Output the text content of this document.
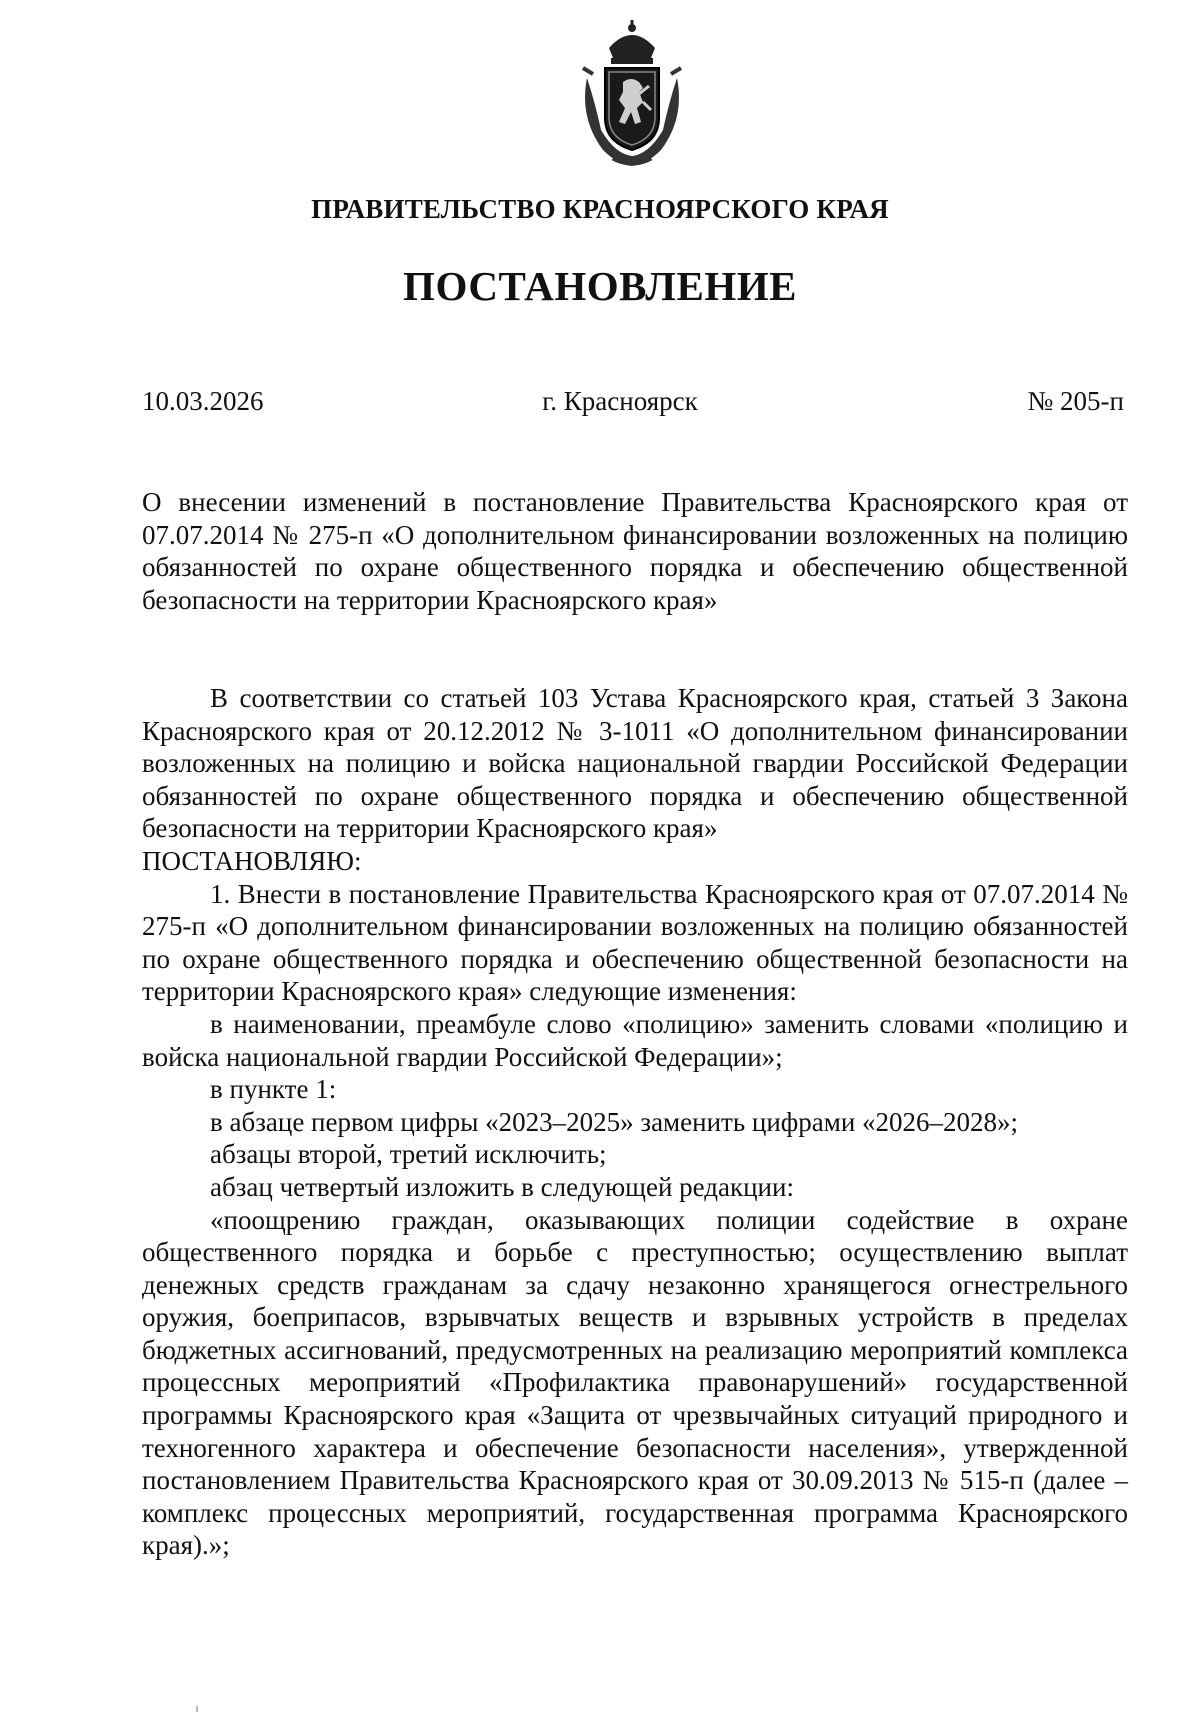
ПРАВИТЕЛЬСТВО КРАСНОЯРСКОГО КРАЯ
ПОСТАНОВЛЕНИЕ
10.03.2026	г. Красноярск	№ 205-п
О внесении изменений в постановление Правительства Красноярского края от 07.07.2014 № 275-п «О дополнительном финансировании возложенных на полицию обязанностей по охране общественного порядка и обеспечению общественной безопасности на территории Красноярского края»

В соответствии со статьей 103 Устава Красноярского края, статьей 3 Закона Красноярского края от 20.12.2012 № 3-1011 «О дополнительном финансировании возложенных на полицию и войска национальной гвардии Российской Федерации обязанностей по охране общественного порядка и обеспечению общественной безопасности на территории Красноярского края»

ПОСТАНОВЛЯЮ:

1. Внести в постановление Правительства Красноярского края от 07.07.2014 № 275-п «О дополнительном финансировании возложенных на полицию обязанностей по охране общественного порядка и обеспечению общественной безопасности на территории Красноярского края» следующие изменения:

в наименовании, преамбуле слово «полицию» заменить словами «полицию и войска национальной гвардии Российской Федерации»;

в пункте 1:

в абзаце первом цифры «2023–2025» заменить цифрами «2026–2028»;

абзацы второй, третий исключить;

абзац четвертый изложить в следующей редакции:

«поощрению граждан, оказывающих полиции содействие в охране общественного порядка и борьбе с преступностью; осуществлению выплат денежных средств гражданам за сдачу незаконно хранящегося огнестрельного оружия, боеприпасов, взрывчатых веществ и взрывных устройств в пределах бюджетных ассигнований, предусмотренных на реализацию мероприятий комплекса процессных мероприятий «Профилактика правонарушений» государственной программы Красноярского края «Защита от чрезвычайных ситуаций природного и техногенного характера и обеспечение безопасности населения», утвержденной постановлением Правительства Красноярского края от 30.09.2013 № 515-п (далее – комплекс процессных мероприятий, государственная программа Красноярского края).»;
